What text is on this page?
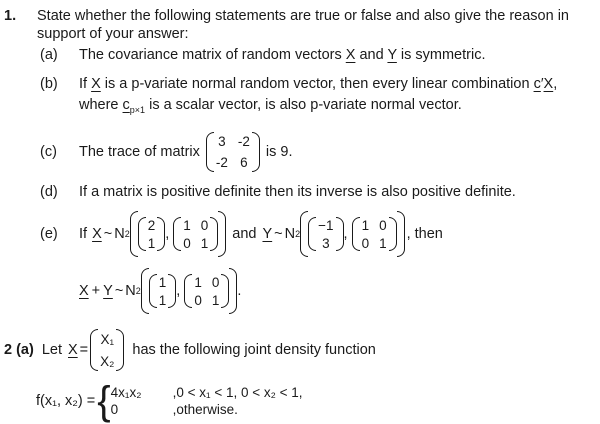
1. State whether the following statements are true or false and also give the reason in
support of your answer:
(a) The covariance matrix of random vectors X and Y is symmetric.
(b) If X is a p-variate normal random vector, then every linear combination c′X,
where $c_{p\times 1}$ is a scalar vector, is also p-variate normal vector.
(c) The trace of matrix
3 -2
-2 6
is 9.
(d) If a matrix is positive definite then its inverse is also positive definite.
(e) If X ~ N 2
2
1
,
1 0
0 1
and Y ~ N 2
−1
3
,
1 0
0 1
, then
X + Y ~ N 2
1
1
,
1 0
0 1
.
2 (a) Let X =
X₁
X₂
has the following joint density function
f(x₁, x₂) = { 4x₁x₂	,0 < x₁ < 1, 0 < x₂ < 1,
0	,otherwise.
